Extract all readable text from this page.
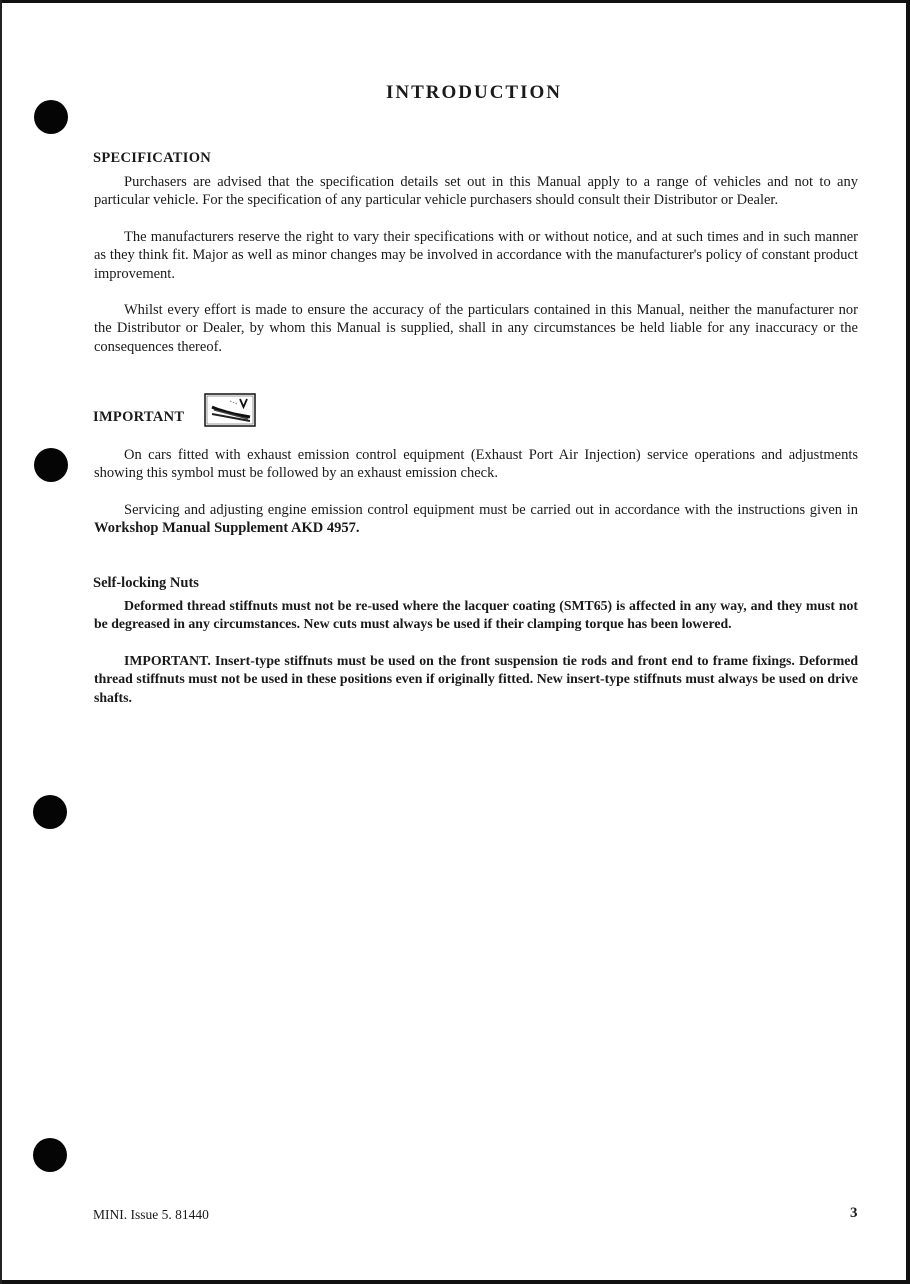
INTRODUCTION
SPECIFICATION

Purchasers are advised that the specification details set out in this Manual apply to a range of vehicles and not to any particular vehicle. For the specification of any particular vehicle purchasers should consult their Distributor or Dealer.

The manufacturers reserve the right to vary their specifications with or without notice, and at such times and in such manner as they think fit. Major as well as minor changes may be involved in accordance with the manufacturer's policy of constant product improvement.

Whilst every effort is made to ensure the accuracy of the particulars contained in this Manual, neither the manufacturer nor the Distributor or Dealer, by whom this Manual is supplied, shall in any circumstances be held liable for any inaccuracy or the consequences thereof.

IMPORTANT

On cars fitted with exhaust emission control equipment (Exhaust Port Air Injection) service operations and adjustments showing this symbol must be followed by an exhaust emission check.

Servicing and adjusting engine emission control equipment must be carried out in accordance with the instructions given in Workshop Manual Supplement AKD 4957.

Self-locking Nuts

Deformed thread stiffnuts must not be re-used where the lacquer coating (SMT65) is affected in any way, and they must not be degreased in any circumstances. New cuts must always be used if their clamping torque has been lowered.

IMPORTANT. Insert-type stiffnuts must be used on the front suspension tie rods and front end to frame fixings. Deformed thread stiffnuts must not be used in these positions even if originally fitted. New insert-type stiffnuts must always be used on drive shafts.

MINI. Issue 5. 81440	3
